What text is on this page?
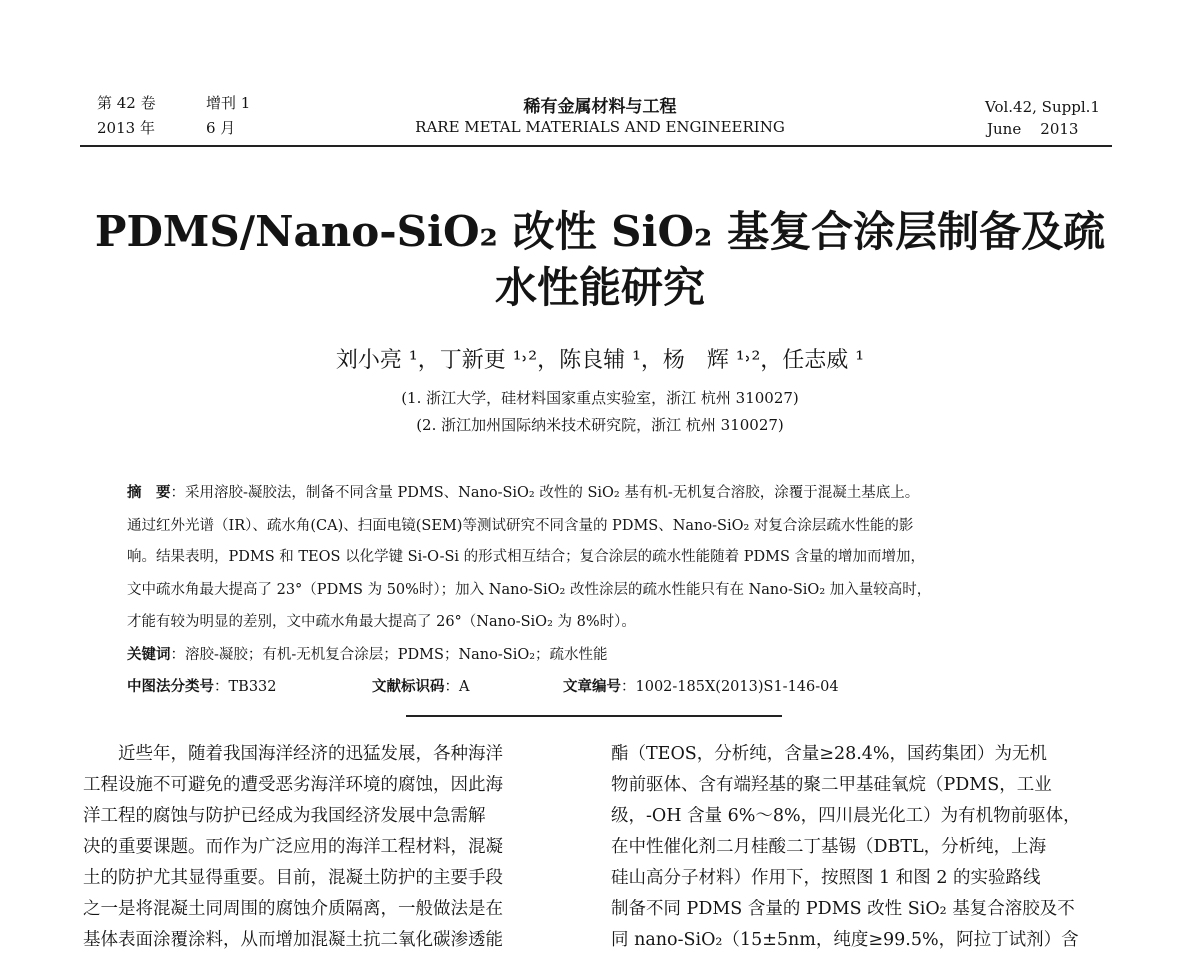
第 42 卷	增刊 1
2013 年	6 月
稀有金属材料与工程
RARE METAL MATERIALS AND ENGINEERING
Vol.42, Suppl.1
June    2013
PDMS/Nano-SiO₂ 改性 SiO₂ 基复合涂层制备及疏
水性能研究
刘小亮 ¹，丁新更 ¹˒²，陈良辅 ¹，杨　辉 ¹˒²，任志威 ¹
(1. 浙江大学，硅材料国家重点实验室，浙江 杭州 310027)
(2. 浙江加州国际纳米技术研究院，浙江 杭州 310027)
摘　要：采用溶胶-凝胶法，制备不同含量 PDMS、Nano-SiO₂ 改性的 SiO₂ 基有机-无机复合溶胶，涂覆于混凝土基底上。
通过红外光谱（IR）、疏水角(CA)、扫面电镜(SEM)等测试研究不同含量的 PDMS、Nano-SiO₂ 对复合涂层疏水性能的影
响。结果表明，PDMS 和 TEOS 以化学键 Si-O-Si 的形式相互结合；复合涂层的疏水性能随着 PDMS 含量的增加而增加，
文中疏水角最大提高了 23°（PDMS 为 50%时）；加入 Nano-SiO₂ 改性涂层的疏水性能只有在 Nano-SiO₂ 加入量较高时，
才能有较为明显的差别，文中疏水角最大提高了 26°（Nano-SiO₂ 为 8%时）。
关键词：溶胶-凝胶；有机-无机复合涂层；PDMS；Nano-SiO₂；疏水性能
中图法分类号：TB332	文献标识码：A	文章编号：1002-185X(2013)S1-146-04
　　近些年，随着我国海洋经济的迅猛发展，各种海洋
工程设施不可避免的遭受恶劣海洋环境的腐蚀，因此海
洋工程的腐蚀与防护已经成为我国经济发展中急需解
决的重要课题。而作为广泛应用的海洋工程材料，混凝
土的防护尤其显得重要。目前，混凝土防护的主要手段
之一是将混凝土同周围的腐蚀介质隔离，一般做法是在
基体表面涂覆涂料，从而增加混凝土抗二氧化碳渗透能
酯（TEOS，分析纯，含量≥28.4%，国药集团）为无机
物前驱体、含有端羟基的聚二甲基硅氧烷（PDMS，工业
级，-OH 含量 6%～8%，四川晨光化工）为有机物前驱体，
在中性催化剂二月桂酸二丁基锡（DBTL，分析纯，上海
硅山高分子材料）作用下，按照图 1 和图 2 的实验路线
制备不同 PDMS 含量的 PDMS 改性 SiO₂ 基复合溶胶及不
同 nano-SiO₂（15±5nm，纯度≥99.5%，阿拉丁试剂）含
